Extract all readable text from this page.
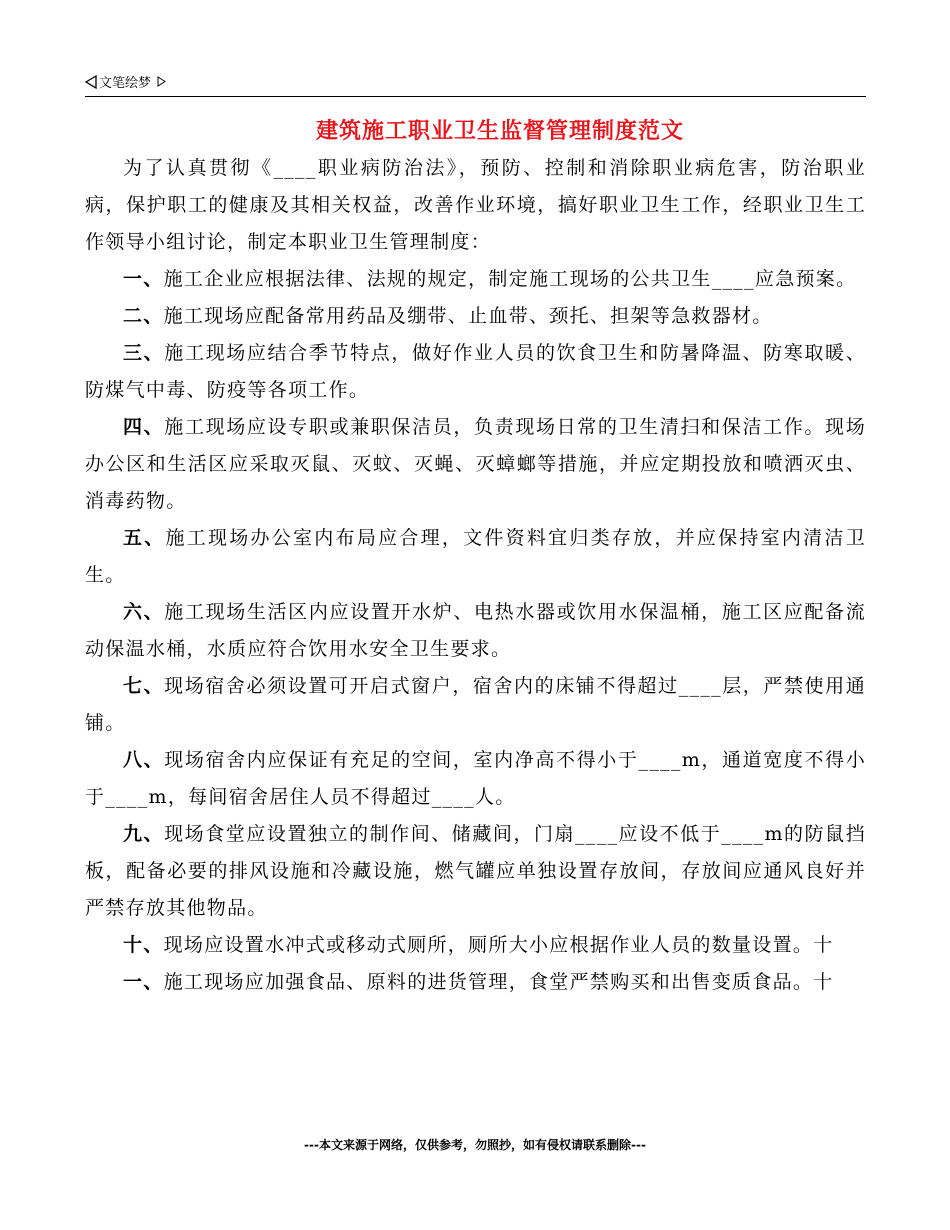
文笔绘梦
建筑施工职业卫生监督管理制度范文

为了认真贯彻《____职业病防治法》，预防、控制和消除职业病危害，防治职业病，保护职工的健康及其相关权益，改善作业环境，搞好职业卫生工作，经职业卫生工作领导小组讨论，制定本职业卫生管理制度：

一、施工企业应根据法律、法规的规定，制定施工现场的公共卫生____应急预案。

二、施工现场应配备常用药品及绷带、止血带、颈托、担架等急救器材。

三、施工现场应结合季节特点，做好作业人员的饮食卫生和防暑降温、防寒取暖、防煤气中毒、防疫等各项工作。

四、施工现场应设专职或兼职保洁员，负责现场日常的卫生清扫和保洁工作。现场办公区和生活区应采取灭鼠、灭蚊、灭蝇、灭蟑螂等措施，并应定期投放和喷洒灭虫、消毒药物。

五、施工现场办公室内布局应合理，文件资料宜归类存放，并应保持室内清洁卫生。

六、施工现场生活区内应设置开水炉、电热水器或饮用水保温桶，施工区应配备流动保温水桶，水质应符合饮用水安全卫生要求。

七、现场宿舍必须设置可开启式窗户，宿舍内的床铺不得超过____层，严禁使用通铺。

八、现场宿舍内应保证有充足的空间，室内净高不得小于____m，通道宽度不得小于____m，每间宿舍居住人员不得超过____人。

九、现场食堂应设置独立的制作间、储藏间，门扇____应设不低于____m的防鼠挡板，配备必要的排风设施和冷藏设施，燃气罐应单独设置存放间，存放间应通风良好并严禁存放其他物品。

十、现场应设置水冲式或移动式厕所，厕所大小应根据作业人员的数量设置。十

一、施工现场应加强食品、原料的进货管理，食堂严禁购买和出售变质食品。十

---本文来源于网络，仅供参考，勿照抄，如有侵权请联系删除---
